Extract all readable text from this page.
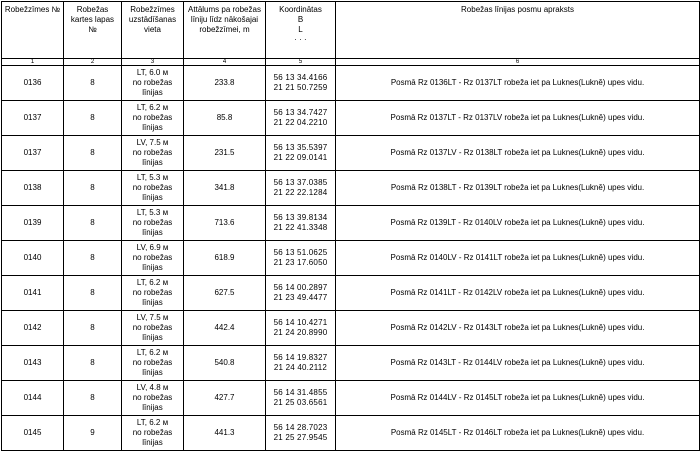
Robežzīmes №	Robežas kartes lapas №	Robežzīmes uzstādīšanas vieta	Attālums pa robežas līniju līdz nākošajai robežzīmei, m	Koordinātas
B
L
· · ·	Robežas līnijas posmu apraksts
1	2	3	4	5	6
0136	8	LT, 6.0 м
no robežas
līnijas	233.8	56 13 34.4166
21 21 50.7259	Posmā Rz 0136LT - Rz 0137LT robeža iet pa Luknes(Lukně) upes vidu.
0137	8	LT, 6.2 м
no robežas
līnijas	85.8	56 13 34.7427
21 22 04.2210	Posmā Rz 0137LT - Rz 0137LV robeža iet pa Luknes(Lukně) upes vidu.
0137	8	LV, 7.5 м
no robežas
līnijas	231.5	56 13 35.5397
21 22 09.0141	Posmā Rz 0137LV - Rz 0138LT robeža iet pa Luknes(Lukně) upes vidu.
0138	8	LT, 5.3 м
no robežas
līnijas	341.8	56 13 37.0385
21 22 22.1284	Posmā Rz 0138LT - Rz 0139LT robeža iet pa Luknes(Lukně) upes vidu.
0139	8	LT, 5.3 м
no robežas
līnijas	713.6	56 13 39.8134
21 22 41.3348	Posmā Rz 0139LT - Rz 0140LV robeža iet pa Luknes(Lukně) upes vidu.
0140	8	LV, 6.9 м
no robežas
līnijas	618.9	56 13 51.0625
21 23 17.6050	Posmā Rz 0140LV - Rz 0141LT robeža iet pa Luknes(Lukně) upes vidu.
0141	8	LT, 6.2 м
no robežas
līnijas	627.5	56 14 00.2897
21 23 49.4477	Posmā Rz 0141LT - Rz 0142LV robeža iet pa Luknes(Lukně) upes vidu.
0142	8	LV, 7.5 м
no robežas
līnijas	442.4	56 14 10.4271
21 24 20.8990	Posmā Rz 0142LV - Rz 0143LT robeža iet pa Luknes(Lukně) upes vidu.
0143	8	LT, 6.2 м
no robežas
līnijas	540.8	56 14 19.8327
21 24 40.2112	Posmā Rz 0143LT - Rz 0144LV robeža iet pa Luknes(Lukně) upes vidu.
0144	8	LV, 4.8 м
no robežas
līnijas	427.7	56 14 31.4855
21 25 03.6561	Posmā Rz 0144LV - Rz 0145LT robeža iet pa Luknes(Lukně) upes vidu.
0145	9	LT, 6.2 м
no robežas
līnijas	441.3	56 14 28.7023
21 25 27.9545	Posmā Rz 0145LT - Rz 0146LT robeža iet pa Luknes(Lukně) upes vidu.
